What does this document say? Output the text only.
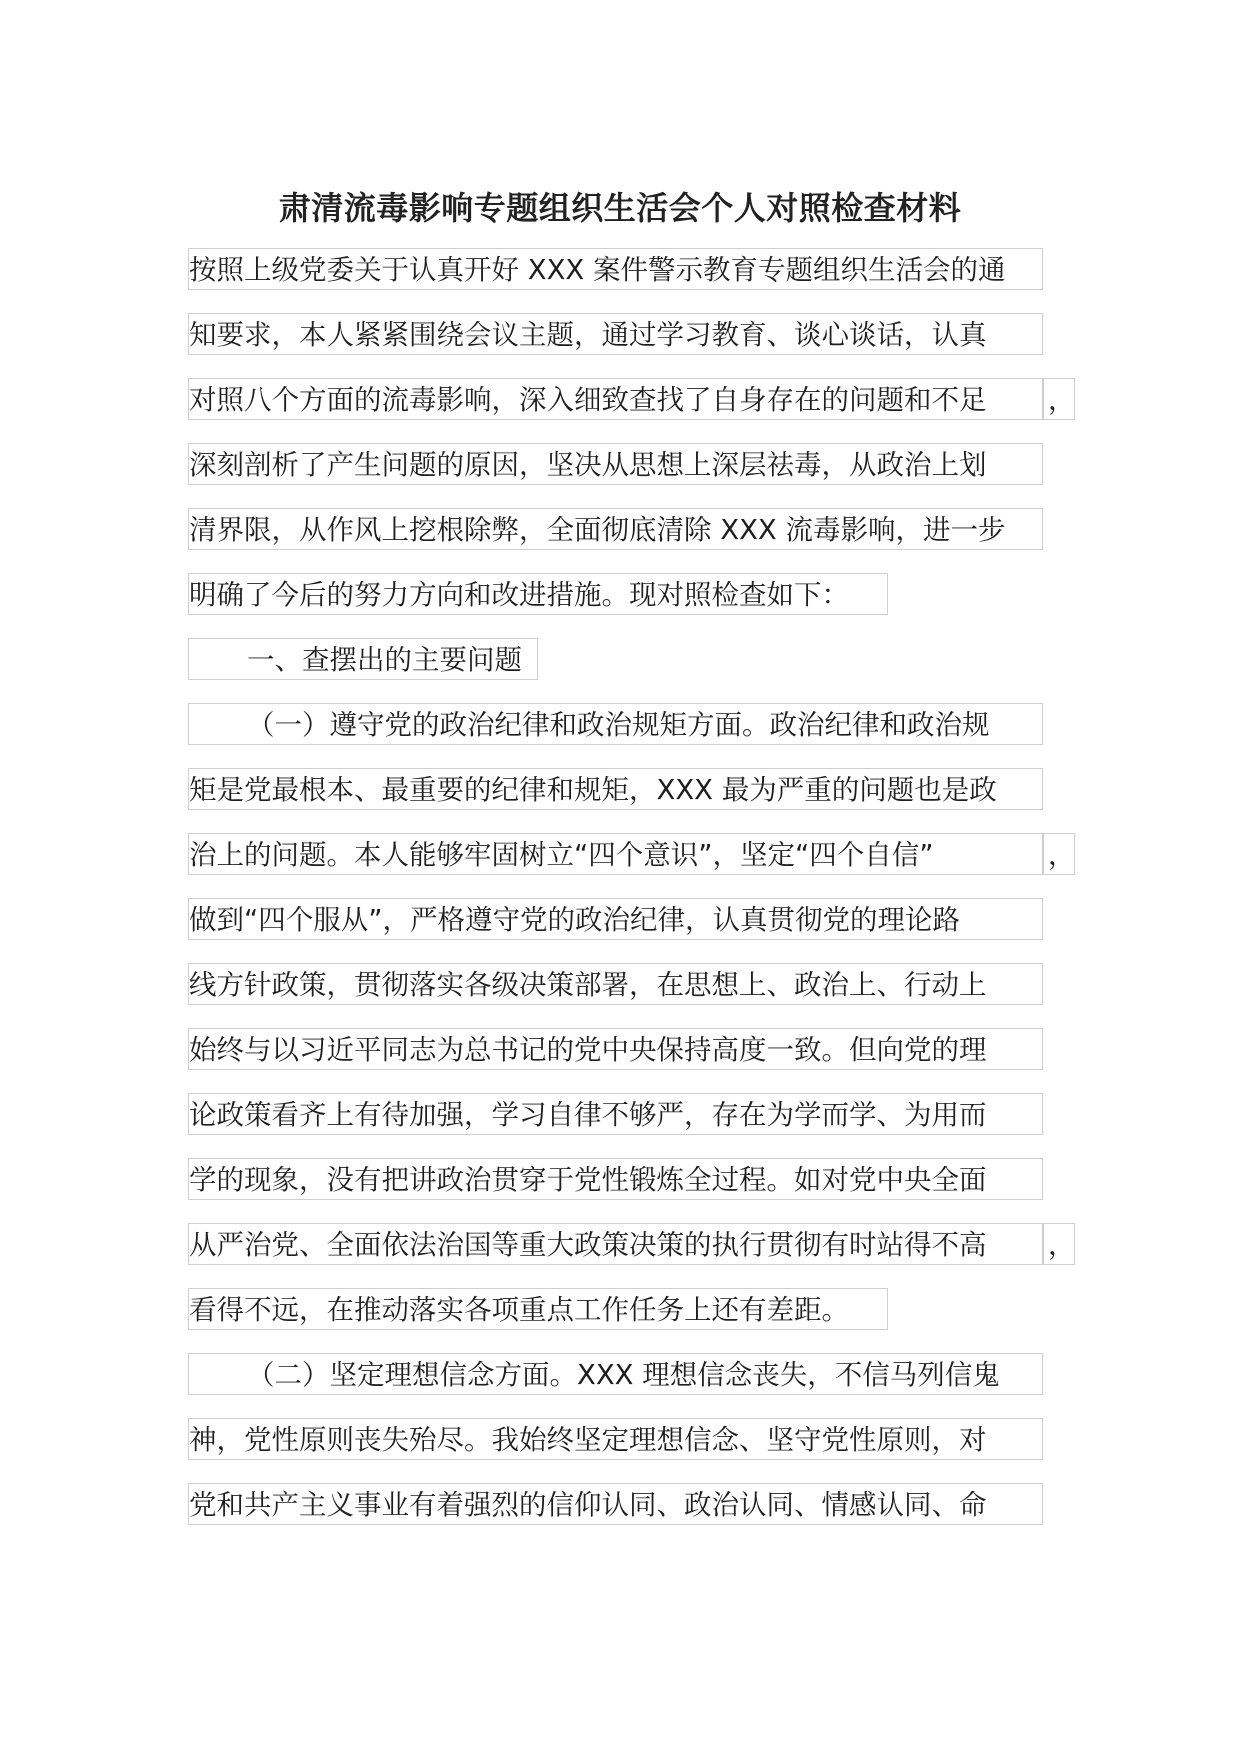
肃清流毒影响专题组织生活会个人对照检查材料
按照上级党委关于认真开好 XXX 案件警示教育专题组织生活会的通
知要求，本人紧紧围绕会议主题，通过学习教育、谈心谈话，认真
对照八个方面的流毒影响，深入细致查找了自身存在的问题和不足	，
深刻剖析了产生问题的原因，坚决从思想上深层祛毒，从政治上划
清界限，从作风上挖根除弊，全面彻底清除 XXX 流毒影响，进一步
明确了今后的努力方向和改进措施。现对照检查如下：
一、查摆出的主要问题
（一）遵守党的政治纪律和政治规矩方面。政治纪律和政治规
矩是党最根本、最重要的纪律和规矩，XXX 最为严重的问题也是政
治上的问题。本人能够牢固树立“四个意识”，坚定“四个自信”	，
做到“四个服从”，严格遵守党的政治纪律，认真贯彻党的理论路
线方针政策，贯彻落实各级决策部署，在思想上、政治上、行动上
始终与以习近平同志为总书记的党中央保持高度一致。但向党的理
论政策看齐上有待加强，学习自律不够严，存在为学而学、为用而
学的现象，没有把讲政治贯穿于党性锻炼全过程。如对党中央全面
从严治党、全面依法治国等重大政策决策的执行贯彻有时站得不高	，
看得不远，在推动落实各项重点工作任务上还有差距。
（二）坚定理想信念方面。XXX 理想信念丧失，不信马列信鬼
神，党性原则丧失殆尽。我始终坚定理想信念、坚守党性原则，对
党和共产主义事业有着强烈的信仰认同、政治认同、情感认同、命
